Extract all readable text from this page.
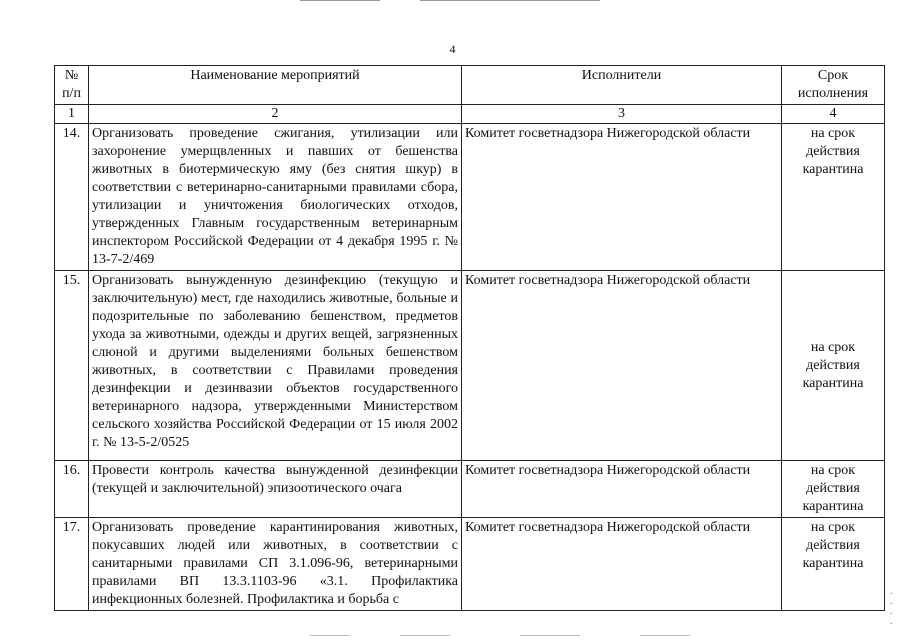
4
№ п/п	Наименование мероприятий	Исполнители	Срок исполнения
1	2	3	4
14.	Организовать проведение сжигания, утилизации или захоронение умерщвленных и павших от бешенства животных в биотермическую яму (без снятия шкур) в соответствии с ветеринарно-санитарными правилами сбора, утилизации и уничтожения биологических отходов, утвержденных Главным государственным ветеринарным инспектором Российской Федерации от 4 декабря 1995 г. № 13-7-2/469	Комитет госветнадзора Нижегородской области	на срок действия карантина
15.	Организовать вынужденную дезинфекцию (текущую и заключительную) мест, где находились животные, больные и подозрительные по заболеванию бешенством, предметов ухода за животными, одежды и других вещей, загрязненных слюной и другими выделениями больных бешенством животных, в соответствии с Правилами проведения дезинфекции и дезинвазии объектов государственного ветеринарного надзора, утвержденными Министерством сельского хозяйства Российской Федерации от 15 июля 2002 г. № 13-5-2/0525	Комитет госветнадзора Нижегородской области	на срок действия карантина
16.	Провести контроль качества вынужденной дезинфекции (текущей и заключительной) эпизоотического очага	Комитет госветнадзора Нижегородской области	на срок действия карантина
17.	Организовать проведение карантинирования животных, покусавших людей или животных, в соответствии с санитарными правилами СП 3.1.096-96, ветеринарными правилами ВП 13.3.1103-96 «3.1. Профилактика инфекционных болезней. Профилактика и борьба с	Комитет госветнадзора Нижегородской области	на срок действия карантина
·
·
·
·
